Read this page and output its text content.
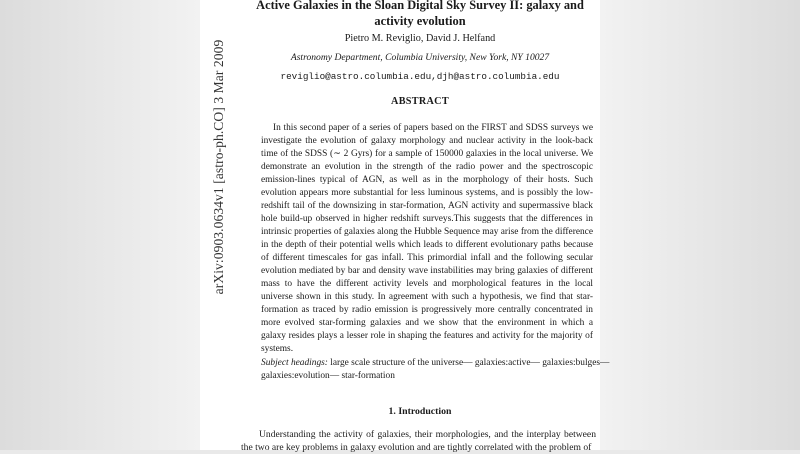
arXiv:0903.0634v1 [astro-ph.CO] 3 Mar 2009
Active Galaxies in the Sloan Digital Sky Survey II: galaxy and activity evolution
Pietro M. Reviglio, David J. Helfand
Astronomy Department, Columbia University, New York, NY 10027
reviglio@astro.columbia.edu,djh@astro.columbia.edu
ABSTRACT

In this second paper of a series of papers based on the FIRST and SDSS surveys we investigate the evolution of galaxy morphology and nuclear activity in the look-back time of the SDSS (∼ 2 Gyrs) for a sample of 150000 galaxies in the local universe. We demonstrate an evolution in the strength of the radio power and the spectroscopic emission-lines typical of AGN, as well as in the morphology of their hosts. Such evolution appears more substantial for less luminous systems, and is possibly the low-redshift tail of the downsizing in star-formation, AGN activity and supermassive black hole build-up observed in higher redshift surveys.This suggests that the differences in intrinsic properties of galaxies along the Hubble Sequence may arise from the difference in the depth of their potential wells which leads to different evolutionary paths because of different timescales for gas infall. This primordial infall and the following secular evolution mediated by bar and density wave instabilities may bring galaxies of different mass to have the different activity levels and morphological features in the local universe shown in this study. In agreement with such a hypothesis, we find that star-formation as traced by radio emission is progressively more centrally concentrated in more evolved star-forming galaxies and we show that the environment in which a galaxy resides plays a lesser role in shaping the features and activity for the majority of systems.

Subject headings: large scale structure of the universe— galaxies:active— galaxies:bulges—
galaxies:evolution— star-formation

1. Introduction

Understanding the activity of galaxies, their morphologies, and the interplay between the two are key problems in galaxy evolution and are tightly correlated with the problem of
